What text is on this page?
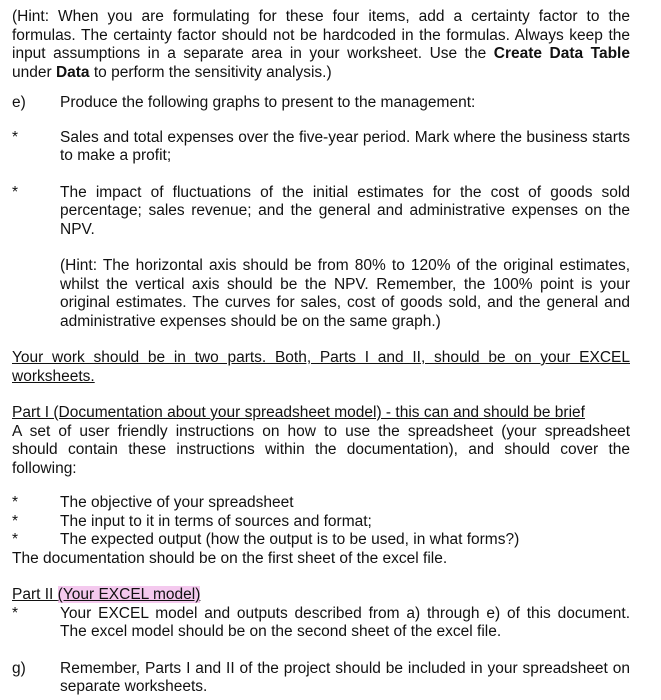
(Hint: When you are formulating for these four items, add a certainty factor to the formulas. The certainty factor should not be hardcoded in the formulas. Always keep the input assumptions in a separate area in your worksheet. Use the Create Data Table under Data to perform the sensitivity analysis.)
e)	Produce the following graphs to present to the management:
*	Sales and total expenses over the five-year period. Mark where the business starts to make a profit;
*	The impact of fluctuations of the initial estimates for the cost of goods sold percentage; sales revenue; and the general and administrative expenses on the NPV.
(Hint: The horizontal axis should be from 80% to 120% of the original estimates, whilst the vertical axis should be the NPV. Remember, the 100% point is your original estimates. The curves for sales, cost of goods sold, and the general and administrative expenses should be on the same graph.)
Your work should be in two parts. Both, Parts I and II, should be on your EXCEL worksheets.
Part I (Documentation about your spreadsheet model) - this can and should be brief
A set of user friendly instructions on how to use the spreadsheet (your spreadsheet should contain these instructions within the documentation), and should cover the following:
*	The objective of your spreadsheet
*	The input to it in terms of sources and format;
*	The expected output (how the output is to be used, in what forms?)
The documentation should be on the first sheet of the excel file.
Part II (Your EXCEL model)
*	Your EXCEL model and outputs described from a) through e) of this document. The excel model should be on the second sheet of the excel file.
g)	Remember, Parts I and II of the project should be included in your spreadsheet on separate worksheets.
